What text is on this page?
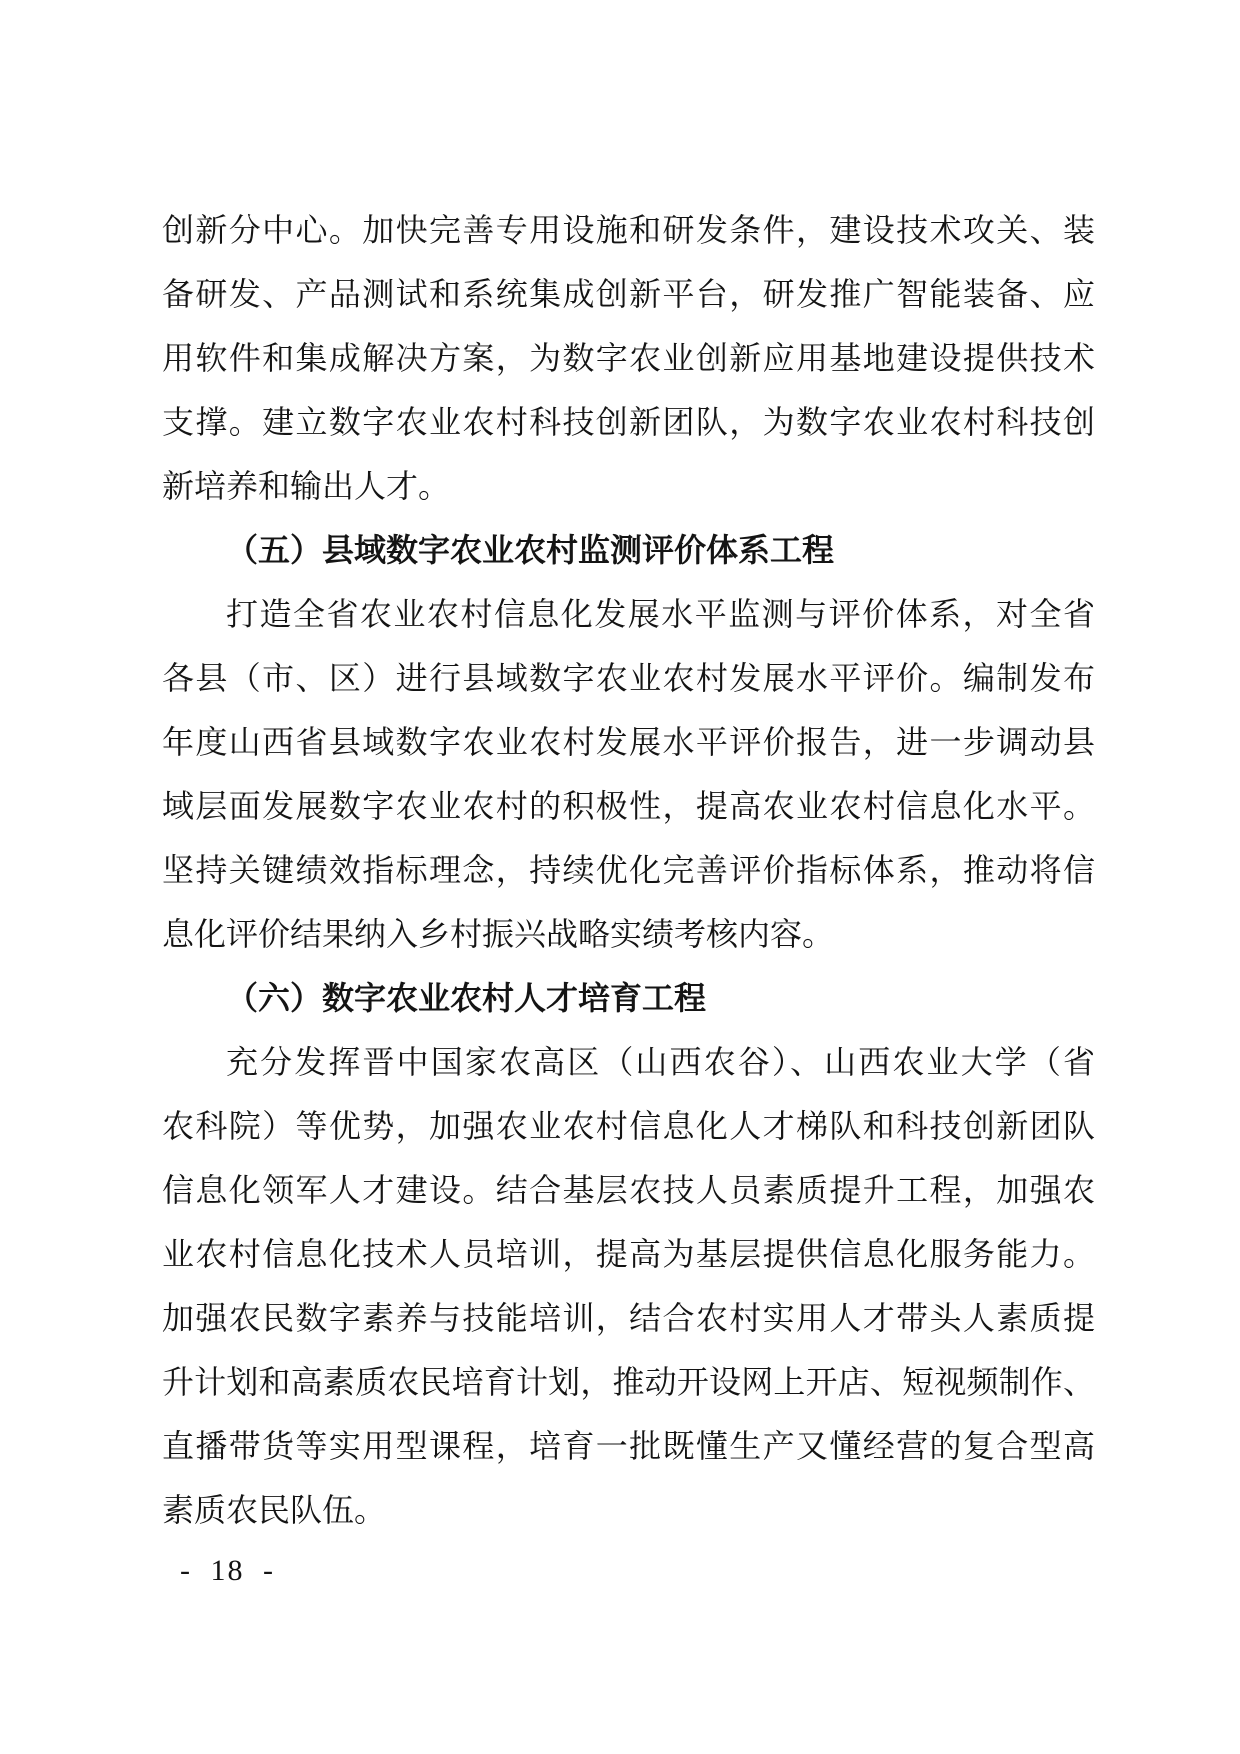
创新分中心。加快完善专用设施和研发条件，建设技术攻关、装
备研发、产品测试和系统集成创新平台，研发推广智能装备、应
用软件和集成解决方案，为数字农业创新应用基地建设提供技术
支撑。建立数字农业农村科技创新团队，为数字农业农村科技创
新培养和输出人才。
（五）县域数字农业农村监测评价体系工程
打造全省农业农村信息化发展水平监测与评价体系，对全省
各县（市、区）进行县域数字农业农村发展水平评价。编制发布
年度山西省县域数字农业农村发展水平评价报告，进一步调动县
域层面发展数字农业农村的积极性，提高农业农村信息化水平。
坚持关键绩效指标理念，持续优化完善评价指标体系，推动将信
息化评价结果纳入乡村振兴战略实绩考核内容。
（六）数字农业农村人才培育工程
充分发挥晋中国家农高区（山西农谷）、山西农业大学（省
农科院）等优势，加强农业农村信息化人才梯队和科技创新团队
信息化领军人才建设。结合基层农技人员素质提升工程，加强农
业农村信息化技术人员培训，提高为基层提供信息化服务能力。
加强农民数字素养与技能培训，结合农村实用人才带头人素质提
升计划和高素质农民培育计划，推动开设网上开店、短视频制作、
直播带货等实用型课程，培育一批既懂生产又懂经营的复合型高
素质农民队伍。
- 18 -
